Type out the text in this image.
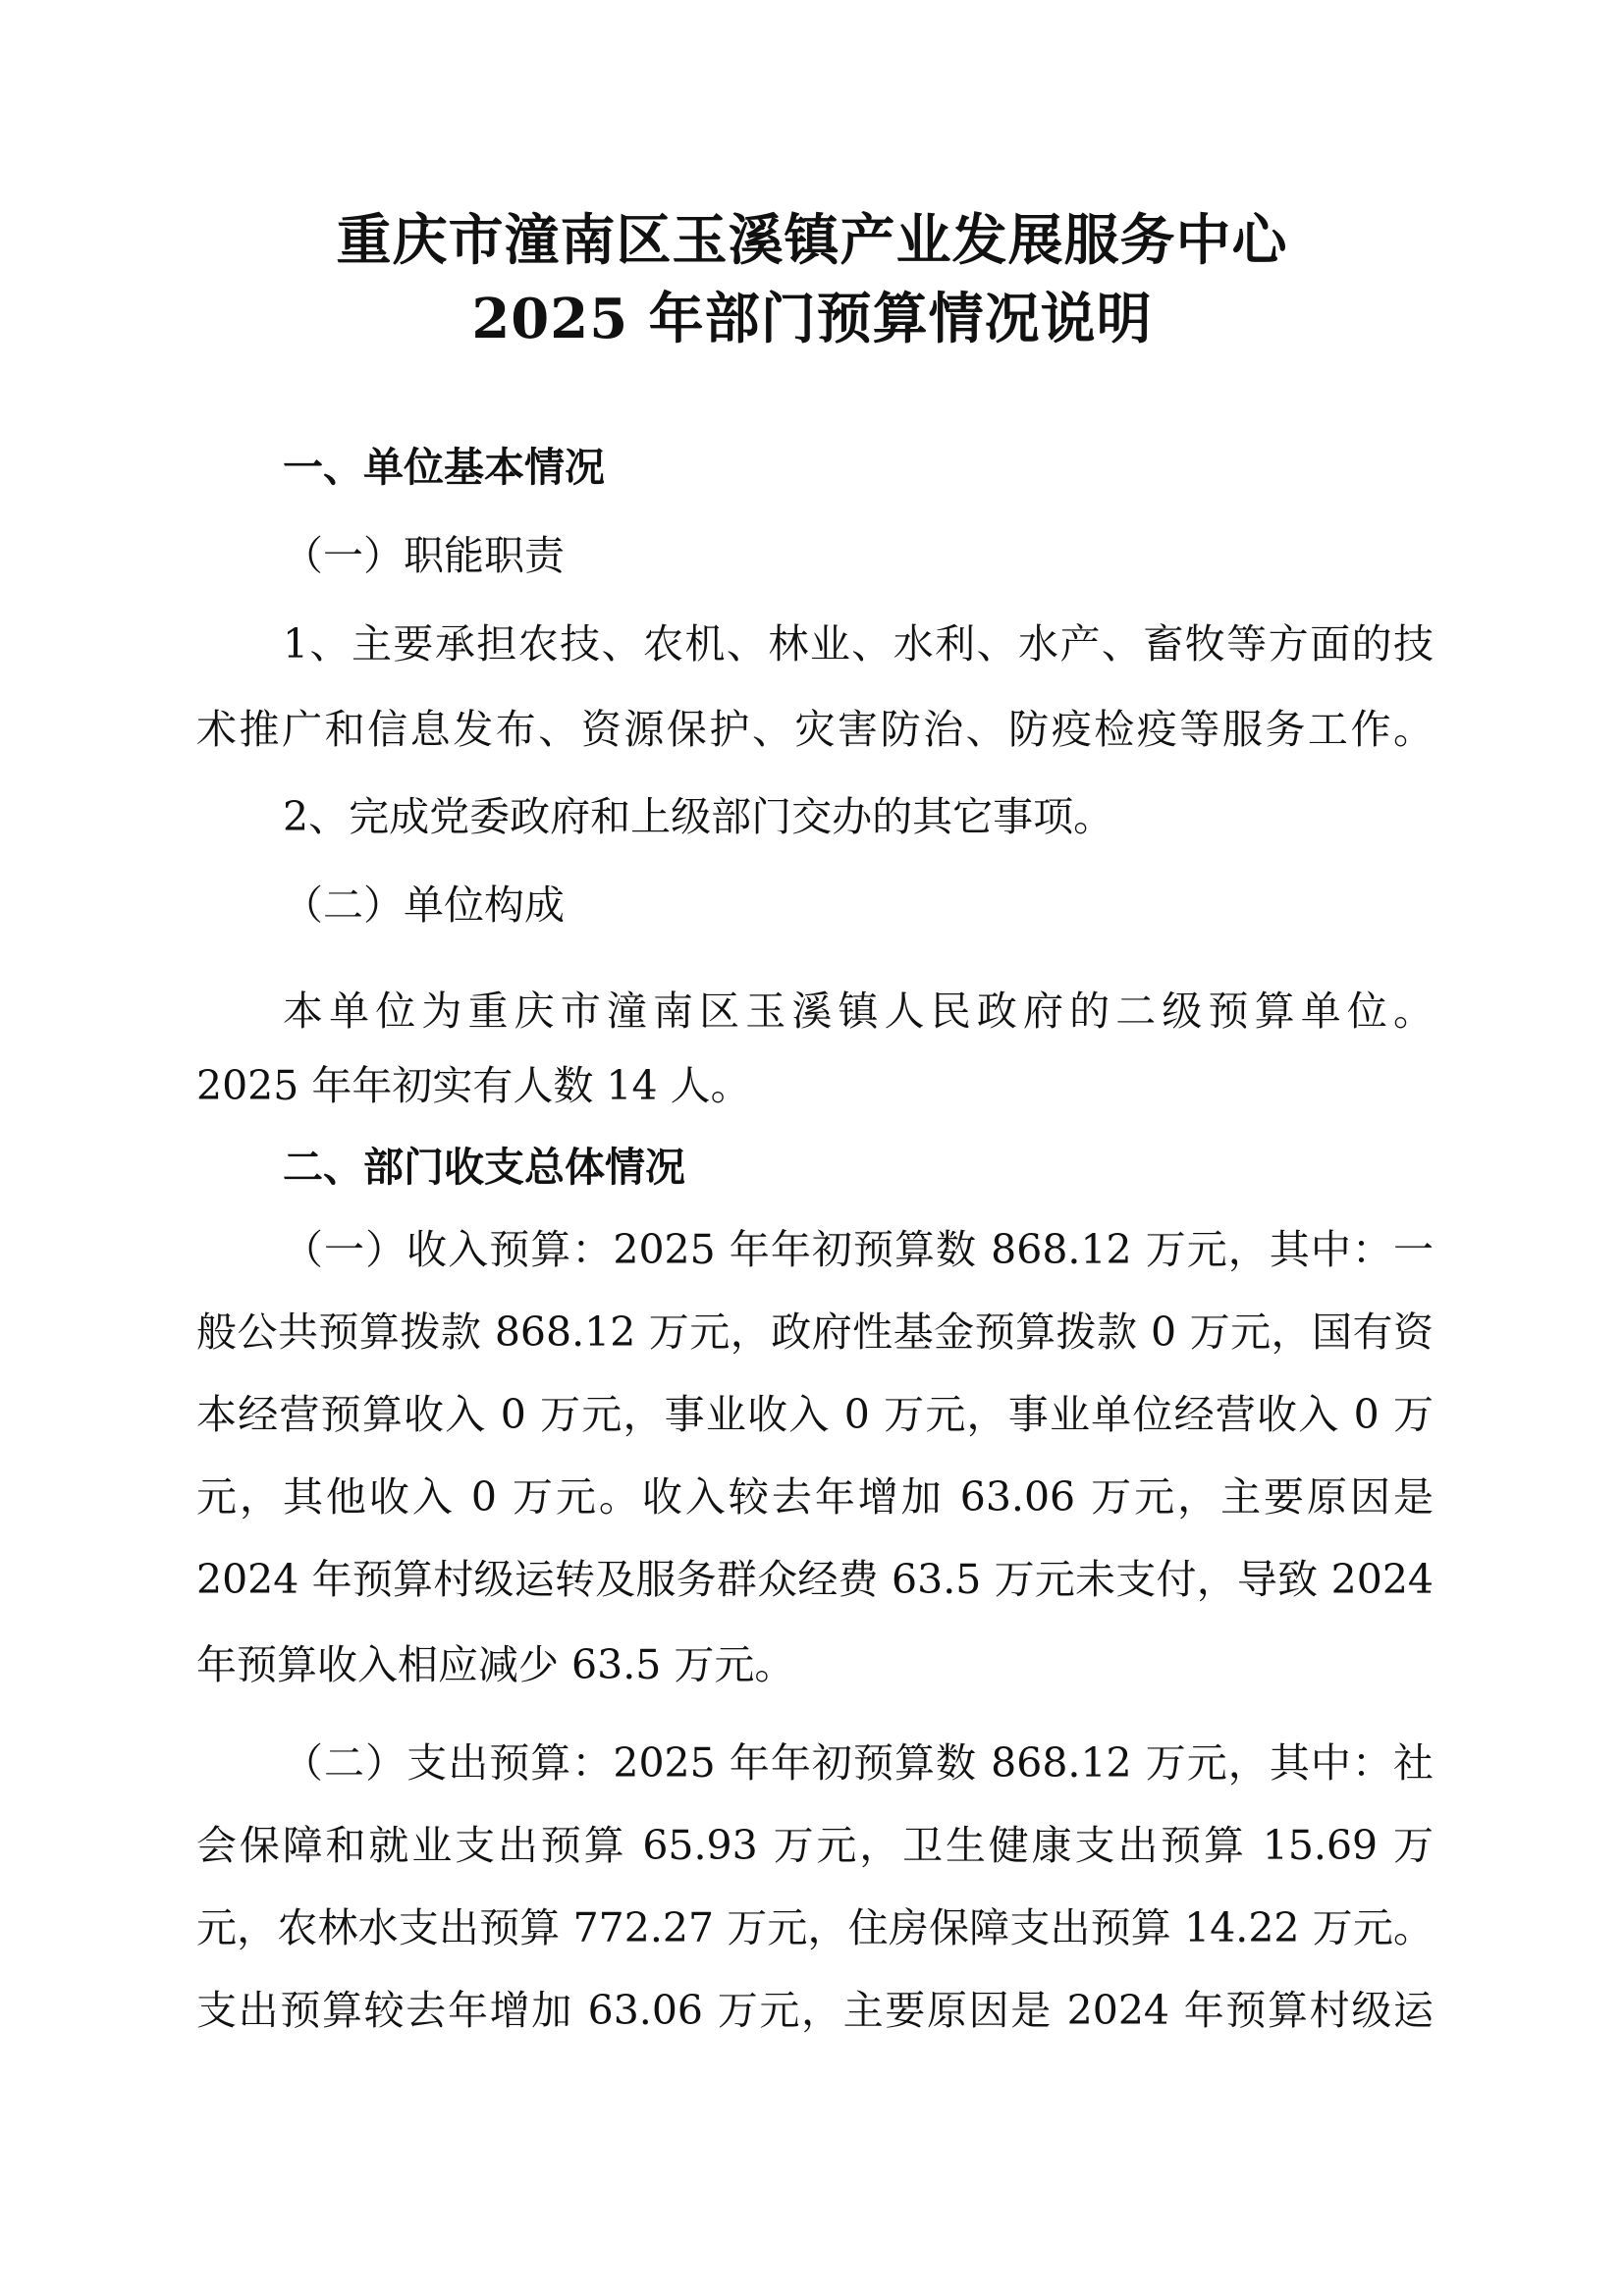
重庆市潼南区玉溪镇产业发展服务中心
2025 年部门预算情况说明
一、单位基本情况
（一）职能职责
1、主要承担农技、农机、林业、水利、水产、畜牧等方面的技
术推广和信息发布、资源保护、灾害防治、防疫检疫等服务工作。
2、完成党委政府和上级部门交办的其它事项。
（二）单位构成
本单位为重庆市潼南区玉溪镇人民政府的二级预算单位。
2025 年年初实有人数 14 人。
二、部门收支总体情况
（一）收入预算：2025 年年初预算数 868.12 万元，其中：一
般公共预算拨款 868.12 万元，政府性基金预算拨款 0 万元，国有资
本经营预算收入 0 万元，事业收入 0 万元，事业单位经营收入 0 万
元，其他收入 0 万元。收入较去年增加 63.06 万元，主要原因是
2024 年预算村级运转及服务群众经费 63.5 万元未支付，导致 2024
年预算收入相应减少 63.5 万元。
（二）支出预算：2025 年年初预算数 868.12 万元，其中：社
会保障和就业支出预算 65.93 万元，卫生健康支出预算 15.69 万
元，农林水支出预算 772.27 万元，住房保障支出预算 14.22 万元。
支出预算较去年增加 63.06 万元，主要原因是 2024 年预算村级运
